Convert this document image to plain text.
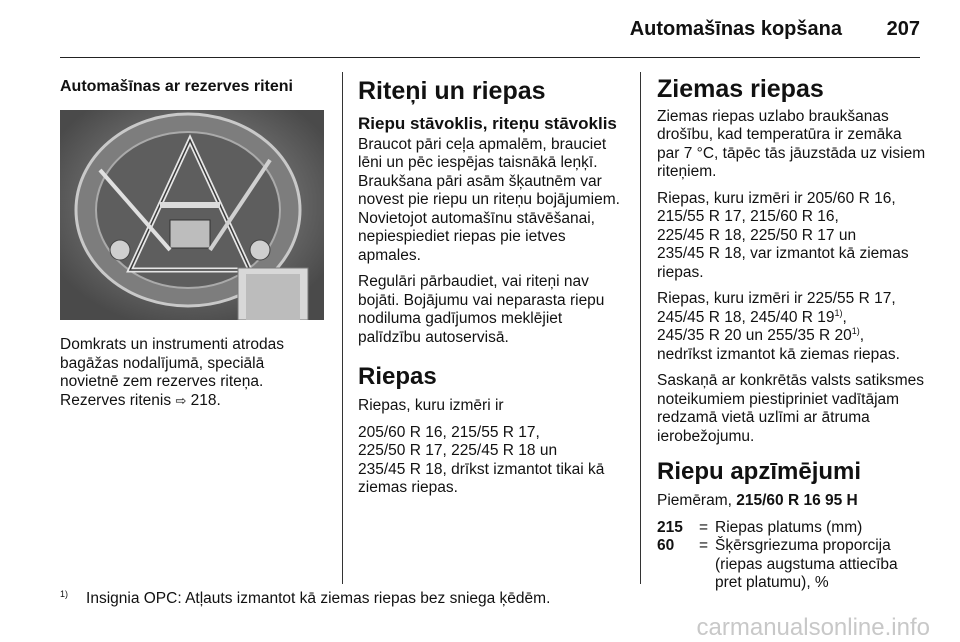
Automašīnas kopšana 207
Automašīnas ar rezerves riteni

Domkrats un instrumenti atrodas
bagāžas nodalījumā, speciālā
novietnē zem rezerves riteņa.
Rezerves ritenis ⇨ 218.

Riteņi un riepas
Riepu stāvoklis, riteņu stāvoklis

Braucot pāri ceļa apmalēm, brauciet lēni un pēc iespējas taisnākā leņķī. Braukšana pāri asām šķautnēm var novest pie riepu un riteņu bojājumiem. Novietojot automašīnu stāvēšanai, nepiespiediet riepas pie ietves apmales.

Regulāri pārbaudiet, vai riteņi nav bojāti. Bojājumu vai neparasta riepu nodiluma gadījumos meklējiet palīdzību autoservisā.

Riepas

Riepas, kuru izmēri ir

205/60 R 16, 215/55 R 17,
225/50 R 17, 225/45 R 18 un
235/45 R 18, drīkst izmantot tikai kā ziemas riepas.

Ziemas riepas

Ziemas riepas uzlabo braukšanas drošību, kad temperatūra ir zemāka par 7 °C, tāpēc tās jāuzstāda uz visiem riteņiem.

Riepas, kuru izmēri ir 205/60 R 16,
215/55 R 17, 215/60 R 16,
225/45 R 18, 225/50 R 17 un
235/45 R 18, var izmantot kā ziemas riepas.

Riepas, kuru izmēri ir 225/55 R 17,
245/45 R 18, 245/40 R 19$^{1)}$,
245/35 R 20 un 255/35 R 20$^{1)}$,
nedrīkst izmantot kā ziemas riepas.

Saskaņā ar konkrētās valsts satiksmes noteikumiem piestipriniet vadītājam redzamā vietā uzlīmi ar ātruma ierobežojumu.

Riepu apzīmējumi

Piemēram, 215/60 R 16 95 H

215	= Riepas platums (mm)
60	= Šķērsgriezuma proporcija (riepas augstuma attiecība pret platumu), %
$^{1)}$ Insignia OPC: Atļauts izmantot kā ziemas riepas bez sniega ķēdēm.
carmanualsonline.info
